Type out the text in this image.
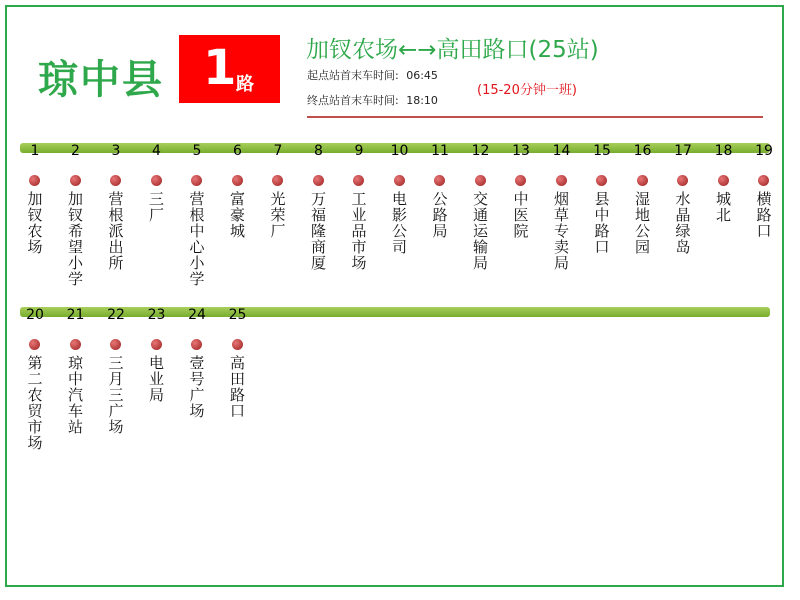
琼中县 1 路
加钗农场←→高田路口(25站)
起点站首末车时间: 06:45
终点站首末车时间: 18:10
(15-20分钟一班)
1
加钗农场
2
加钗希望小学
3
营根派出所
4
三厂
5
营根中心小学
6
富豪城
7
光荣厂
8
万福隆商厦
9
工业品市场
10
电影公司
11
公路局
12
交通运输局
13
中医院
14
烟草专卖局
15
县中路口
16
湿地公园
17
水晶绿岛
18
城北
19
横路口
20
第二农贸市场
21
琼中汽车站
22
三月三广场
23
电业局
24
壹号广场
25
高田路口
